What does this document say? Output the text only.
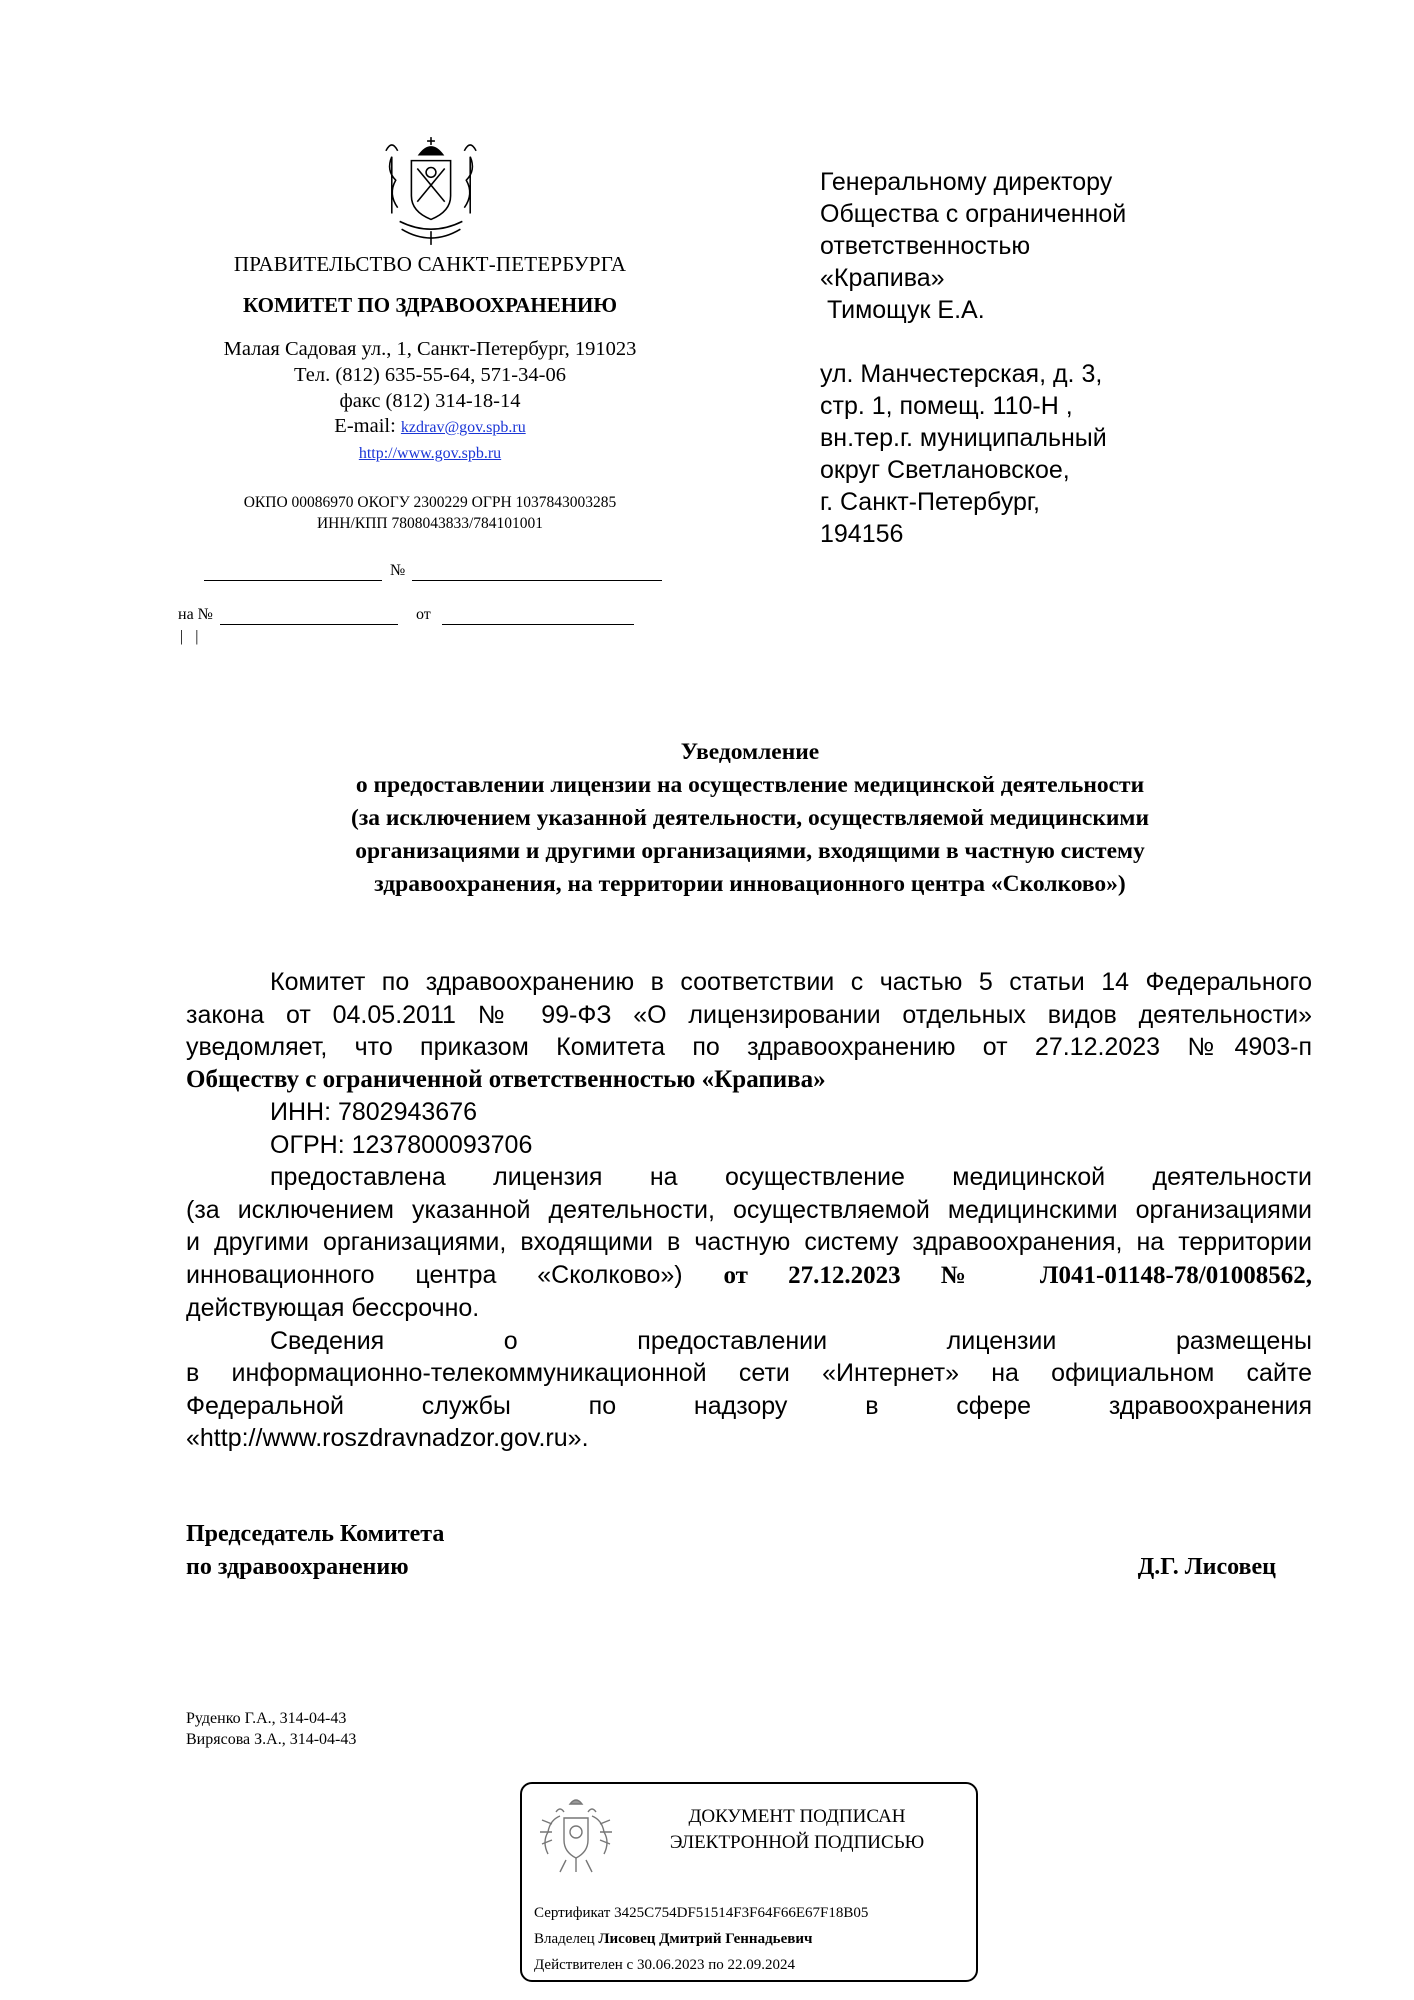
ПРАВИТЕЛЬСТВО САНКТ-ПЕТЕРБУРГА
КОМИТЕТ ПО ЗДРАВООХРАНЕНИЮ
Малая Садовая ул., 1, Санкт-Петербург, 191023
Тел. (812) 635-55-64, 571-34-06
факс (812) 314-18-14
E-mail: kzdrav@gov.spb.ru
http://www.gov.spb.ru
ОКПО 00086970 ОКОГУ 2300229 ОГРН 1037843003285
ИНН/КПП 7808043833/784101001
№
на №	от
| |
Генеральному директору
Общества с ограниченной
ответственностью
«Крапива»
Тимощук Е.А.
ул. Манчестерская, д. 3,
стр. 1, помещ. 110-Н ,
вн.тер.г. муниципальный
округ Светлановское,
г. Санкт-Петербург,
194156
Уведомление
о предоставлении лицензии на осуществление медицинской деятельности
(за исключением указанной деятельности, осуществляемой медицинскими
организациями и другими организациями, входящими в частную систему
здравоохранения, на территории инновационного центра «Сколково»)
Комитет по здравоохранению в соответствии с частью 5 статьи 14 Федерального
закона от 04.05.2011 № 99-ФЗ «О лицензировании отдельных видов деятельности»
уведомляет, что приказом Комитета по здравоохранению от 27.12.2023 №4903-п
Обществу с ограниченной ответственностью «Крапива»
ИНН: 7802943676
ОГРН: 1237800093706
предоставлена лицензия на осуществление медицинской деятельности
(за исключением указанной деятельности, осуществляемой медицинскими организациями
и другими организациями, входящими в частную систему здравоохранения, на территории
инновационного центра «Сколково») от 27.12.2023 № Л041-01148-78/01008562,
действующая бессрочно.
Сведения о предоставлении лицензии размещены
в информационно-телекоммуникационной сети «Интернет» на официальном сайте
Федеральной службы по надзору в сфере здравоохранения
«http://www.roszdravnadzor.gov.ru».
Председатель Комитета
по здравоохранению	Д.Г. Лисовец
Руденко Г.А., 314-04-43
Вирясова З.А., 314-04-43
ДОКУМЕНТ ПОДПИСАН
ЭЛЕКТРОННОЙ ПОДПИСЬЮ
Сертификат 3425C754DF51514F3F64F66E67F18B05
Владелец Лисовец Дмитрий Геннадьевич
Действителен с 30.06.2023 по 22.09.2024
